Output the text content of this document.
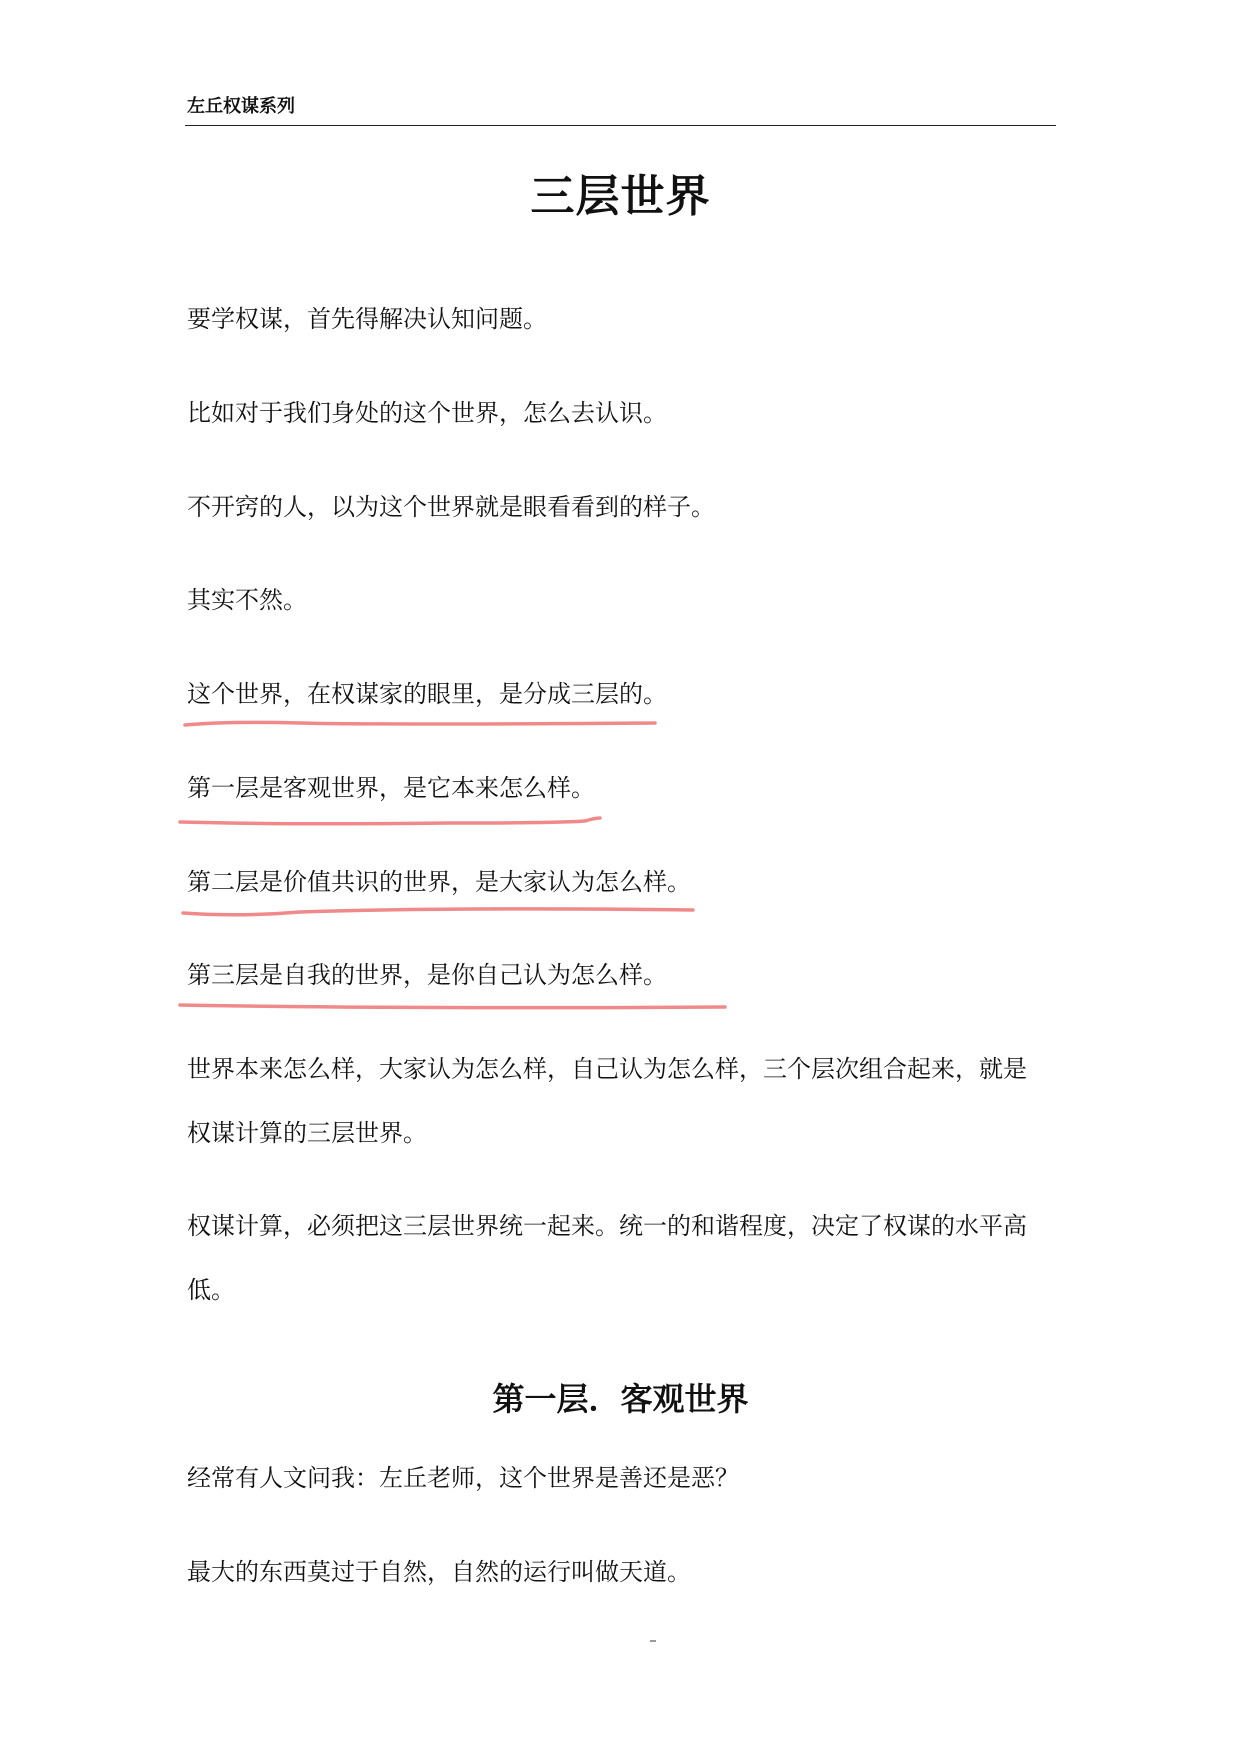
左丘权谋系列
三层世界
要学权谋，首先得解决认知问题。
比如对于我们身处的这个世界，怎么去认识。
不开窍的人，以为这个世界就是眼看看到的样子。
其实不然。
这个世界，在权谋家的眼里，是分成三层的。
第一层是客观世界，是它本来怎么样。
第二层是价值共识的世界，是大家认为怎么样。
第三层是自我的世界，是你自己认为怎么样。
世界本来怎么样，大家认为怎么样，自己认为怎么样，三个层次组合起来，就是权谋计算的三层世界。
权谋计算，必须把这三层世界统一起来。统一的和谐程度，决定了权谋的水平高低。
第一层．客观世界
经常有人文问我：左丘老师，这个世界是善还是恶？
最大的东西莫过于自然，自然的运行叫做天道。
